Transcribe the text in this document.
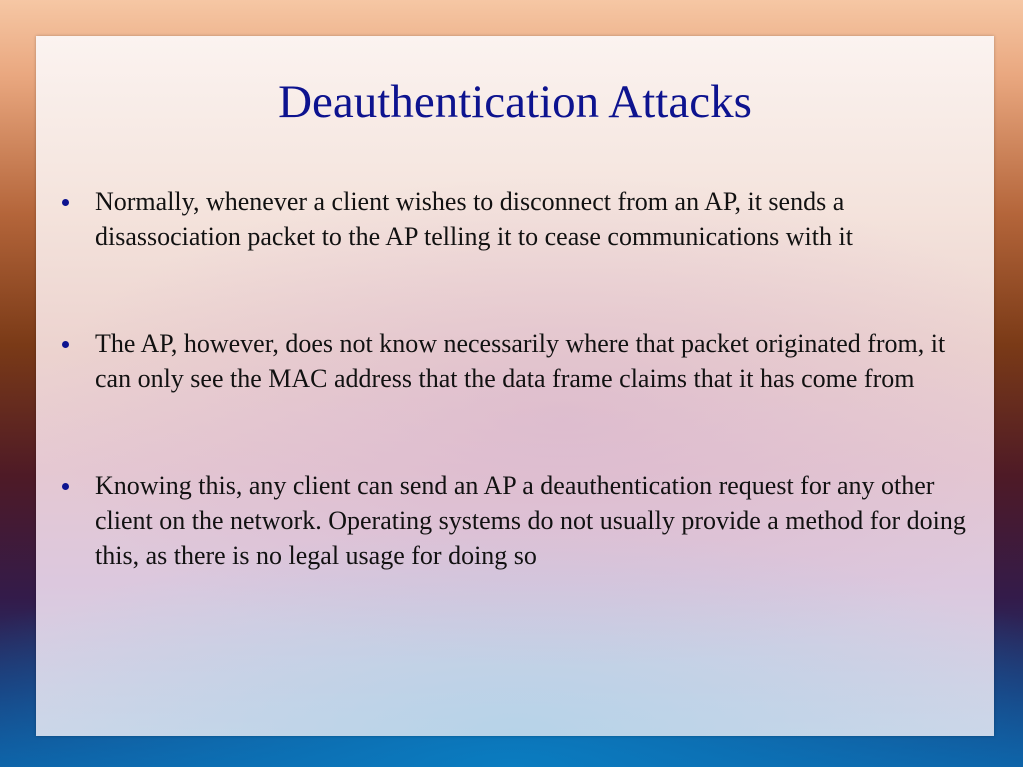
Deauthentication Attacks
Normally, whenever a client wishes to disconnect from an AP, it sends a disassociation packet to the AP telling it to cease communications with it
The AP, however, does not know necessarily where that packet originated from, it can only see the MAC address that the data frame claims that it has come from
Knowing this, any client can send an AP a deauthentication request for any other client on the network. Operating systems do not usually provide a method for doing this, as there is no legal usage for doing so
